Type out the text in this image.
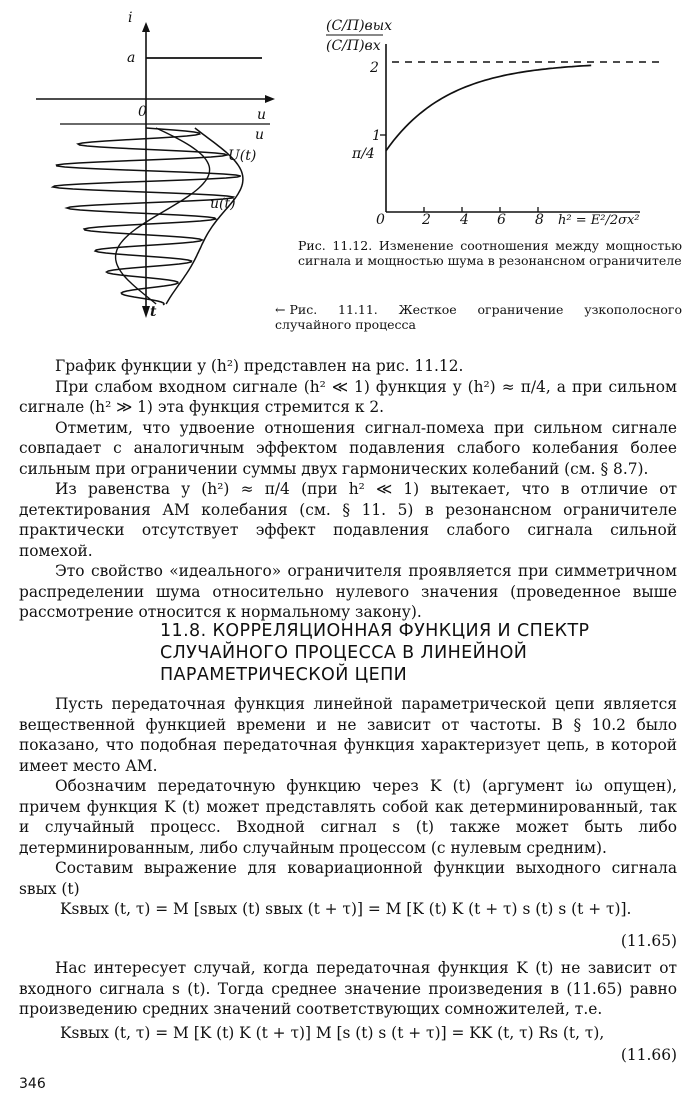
i
a
0	u
u
U(t)
u(t)
t
(C/П)вых
(C/П)вх
2
1
π/4
0	2 4 6 8 h² = E²/2σx²
Рис. 11.12. Изменение соотношения между мощностью сигнала и мощностью шума в резонансном ограничителе
← Рис. 11.11. Жесткое ограничение узкополосного случайного процесса

График функции y (h²) представлен на рис. 11.12.

При слабом входном сигнале (h² ≪ 1) функция y (h²) ≈ π/4, а при сильном сигнале (h² ≫ 1) эта функция стремится к 2.

Отметим, что удвоение отношения сигнал-помеха при сильном сигнале совпадает с аналогичным эффектом подавления слабого колебания более сильным при ограничении суммы двух гармонических колебаний (см. § 8.7).

Из равенства y (h²) ≈ π/4 (при h² ≪ 1) вытекает, что в отличие от детектирования АМ колебания (см. § 11. 5) в резонансном ограничителе практически отсутствует эффект подавления слабого сигнала сильной помехой.

Это свойство «идеального» ограничителя проявляется при симметричном распределении шума относительно нулевого значения (проведенное выше рассмотрение относится к нормальному закону).

11.8. КОРРЕЛЯЦИОННАЯ ФУНКЦИЯ И СПЕКТР СЛУЧАЙНОГО ПРОЦЕССА В ЛИНЕЙНОЙ ПАРАМЕТРИЧЕСКОЙ ЦЕПИ

Пусть передаточная функция линейной параметрической цепи является вещественной функцией времени и не зависит от частоты. В § 10.2 было показано, что подобная передаточная функция характеризует цепь, в которой имеет место АМ.

Обозначим передаточную функцию через K (t) (аргумент iω опущен), причем функция K (t) может представлять собой как детерминированный, так и случайный процесс. Входной сигнал s (t) также может быть либо детерминированным, либо случайным процессом (с нулевым средним).

Составим выражение для ковариационной функции выходного сигнала sвых (t)

Ksвых (t, τ) = M [sвых (t) sвых (t + τ)] = M [K (t) K (t + τ) s (t) s (t + τ)].
(11.65)

Нас интересует случай, когда передаточная функция K (t) не зависит от входного сигнала s (t). Тогда среднее значение произведения в (11.65) равно произведению средних значений соответствующих сомножителей, т.е.

Ksвых (t, τ) = M [K (t) K (t + τ)] M [s (t) s (t + τ)] = KK (t, τ) Rs (t, τ),
(11.66)
346
